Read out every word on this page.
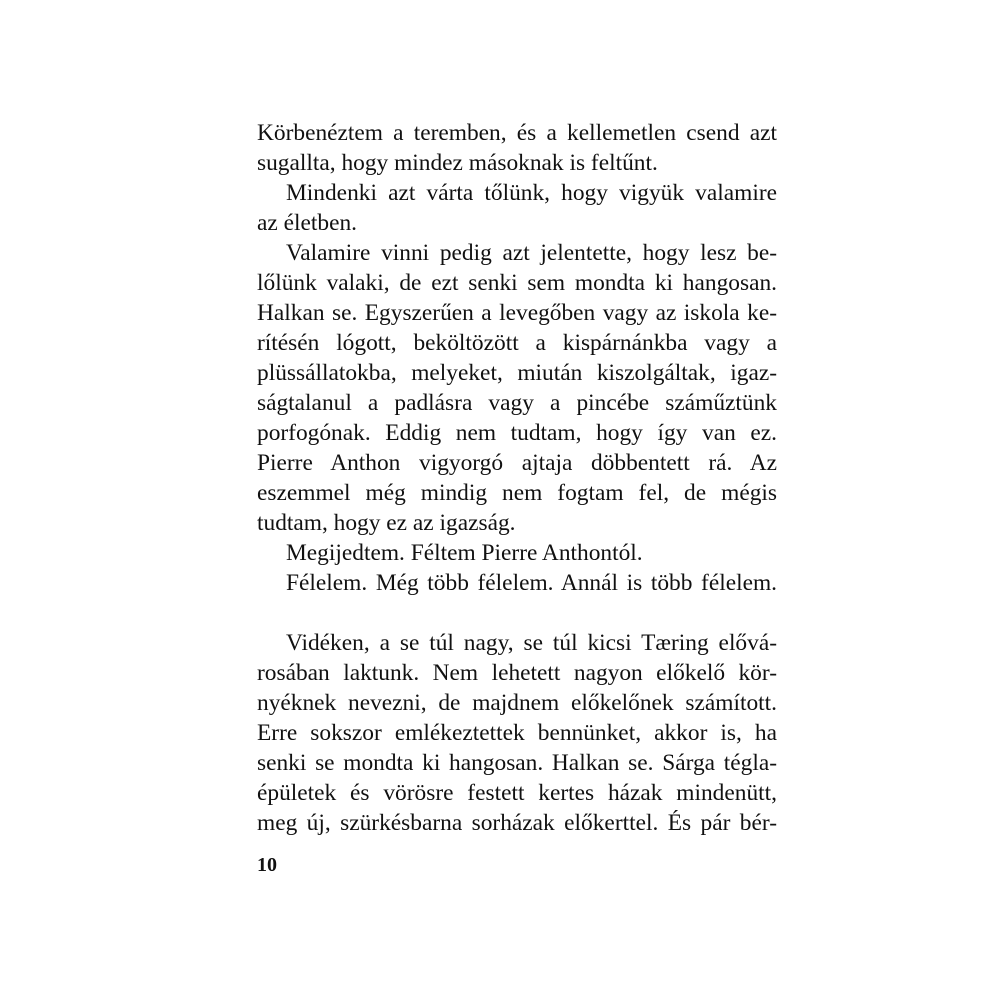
Körbenéztem a teremben, és a kellemetlen csend azt
sugallta, hogy mindez másoknak is feltűnt.
Mindenki azt várta tőlünk, hogy vigyük valamire
az életben.
Valamire vinni pedig azt jelentette, hogy lesz be-
lőlünk valaki, de ezt senki sem mondta ki hangosan.
Halkan se. Egyszerűen a levegőben vagy az iskola ke-
rítésén lógott, beköltözött a kispárnánkba vagy a
plüssállatokba, melyeket, miután kiszolgáltak, igaz-
ságtalanul a padlásra vagy a pincébe száműztünk
porfogónak. Eddig nem tudtam, hogy így van ez.
Pierre Anthon vigyorgó ajtaja döbbentett rá. Az
eszemmel még mindig nem fogtam fel, de mégis
tudtam, hogy ez az igazság.
Megijedtem. Féltem Pierre Anthontól.
Félelem. Még több félelem. Annál is több félelem.
Vidéken, a se túl nagy, se túl kicsi Tæring elővá-
rosában laktunk. Nem lehetett nagyon előkelő kör-
nyéknek nevezni, de majdnem előkelőnek számított.
Erre sokszor emlékeztettek bennünket, akkor is, ha
senki se mondta ki hangosan. Halkan se. Sárga tégla-
épületek és vörösre festett kertes házak mindenütt,
meg új, szürkésbarna sorházak előkerttel. És pár bér-
10
